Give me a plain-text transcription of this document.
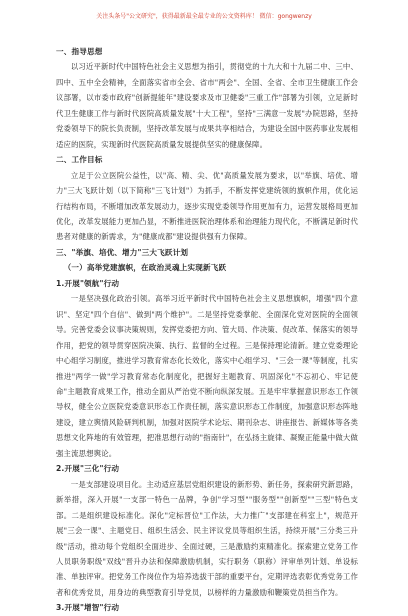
关注头条号"公文研究"，获得最新最全最专业的公文资料库！ 微信：gongwenzy
一、指导思想
以习近平新时代中国特色社会主义思想为指引，贯彻党的十九大和十九届二中、三中、四中、五中全会精神，全面落实省市全会、省市"两会"、全国、全省、全市卫生健康工作会议部署，以市委市政府"创新提能年"建设要求及市卫健委"三重工作"部署为引领，立足新时代卫生健康工作与新时代医院高质量发展"十大工程"，坚持"三满意一发展"办院思路，坚持党委领导下的院长负责制，坚持改革发展与成果共享相结合，为建设全国中医药事业发展相适应的医院，实现新时代医院高质量发展提供坚实的健康保障。
二、工作目标
立足于公立医院公益性，以"高、精、尖、优"高质量发展为要求，以"举旗、培优、增力"三大飞跃计划（以下简称"三飞计划"）为抓手，不断发挥党建统领的旗帜作用，优化运行结构布局，不断增加改革发展动力，逐步实现党委领导作用更加有力，运营发展格局更加优化，改革发展能力更加凸显，不断推进医院治理体系和治理能力现代化，不断满足新时代患者对健康的新需求，为"健康成都"建设提供强有力保障。
三、"举旗、培优、增力"三大飞跃计划
（一）高举党建旗帜，在政治灵魂上实现新飞跃
1.开展"领航"行动
一是坚决强化政治引领。高举习近平新时代中国特色社会主义思想旗帜，增强"四个意识"、坚定"四个自信"、做到"两个维护"。二是坚持党委掌舵、全面深化党对医院的全面领导。完善党委会议事决策规则，发挥党委把方向、管大局、作决策、促改革、保落实的领导作用，把党的领导贯穿医院决策、执行、监督的全过程。三是保持理论清新。建立党委理论中心组学习制度，推进学习教育常态化长效化，落实中心组学习、"三会一课"等制度，扎实推进"两学一做"学习教育常态化制度化，把握好主题教育、巩固深化"不忘初心、牢记使命"主题教育成果工作，推动全面从严治党不断向纵深发展。五是牢牢掌握意识形态工作领导权，健全公立医院党委意识形态工作责任制，落实意识形态工作制度，加强意识形态阵地建设，建立舆情风险研判机制，加强对医院学术论坛、期刊杂志、讲座报告、新媒体等各类思想文化阵地的有效管理，把准思想行动的"指南针"，在弘扬主旋律、凝聚正能量中做大做强主流思想舆论。
2.开展"三化"行动
一是支部建设项目化。主动适应基层党组织建设的新形势、新任务，探索研究新思路，新举措，深入开展"一支部一特色一品牌，争创"学习型""服务型""创新型""三型"特色支部。二是组织建设标准化。深化"定标晋位"工作法，大力推广"支部建在科室上"，规范开展"三会一课"、主题党日、组织生活会、民主评议党员等组织生活，持续开展"三分类三升级"活动，推动每个党组织全面进步、全面过硬，三是激励约束精准化。探索建立党务工作人员职务职级"双线"晋升办法和保障激励机制，实行职务（职称）评审单列计划、单设标准、单独评审。把党务工作岗位作为培养选拔干部的重要平台，定期评选表彰优秀党务工作者和优秀党员，用身边的典型教育引导党员，以榜样的力量激励和鞭策党员担当作为。
3.开展"增智"行动
